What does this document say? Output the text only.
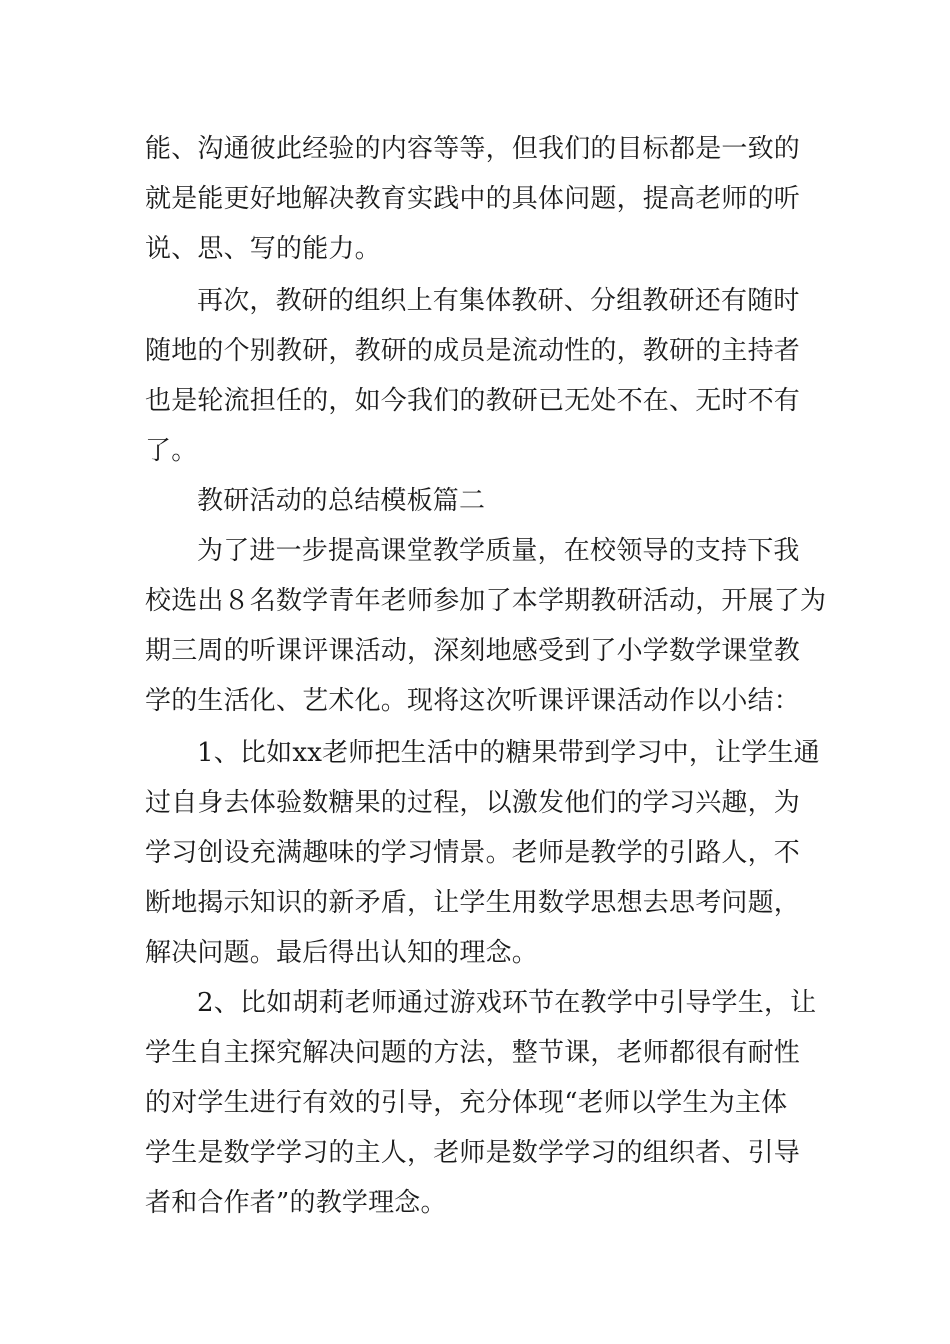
能、沟通彼此经验的内容等等，但我们的目标都是一致的
就是能更好地解决教育实践中的具体问题，提高老师的听
说、思、写的能力。
再次，教研的组织上有集体教研、分组教研还有随时
随地的个别教研，教研的成员是流动性的，教研的主持者
也是轮流担任的，如今我们的教研已无处不在、无时不有
了。
教研活动的总结模板篇二
为了进一步提高课堂教学质量，在校领导的支持下我
校选出８名数学青年老师参加了本学期教研活动，开展了为
期三周的听课评课活动，深刻地感受到了小学数学课堂教
学的生活化、艺术化。现将这次听课评课活动作以小结：
1、比如xx老师把生活中的糖果带到学习中，让学生通
过自身去体验数糖果的过程，以激发他们的学习兴趣，为
学习创设充满趣味的学习情景。老师是教学的引路人，不
断地揭示知识的新矛盾，让学生用数学思想去思考问题，
解决问题。最后得出认知的理念。
2、比如胡莉老师通过游戏环节在教学中引导学生，让
学生自主探究解决问题的方法，整节课，老师都很有耐性
的对学生进行有效的引导，充分体现“老师以学生为主体
学生是数学学习的主人，老师是数学学习的组织者、引导
者和合作者”的教学理念。
